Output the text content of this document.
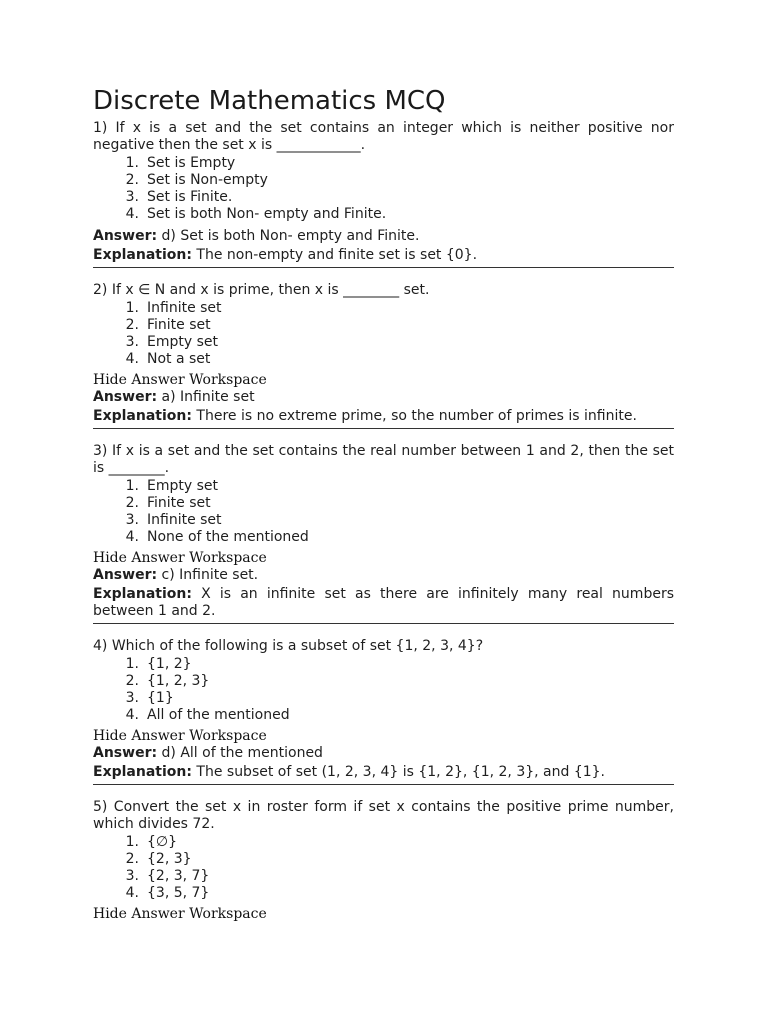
Discrete Mathematics MCQ

1) If x is a set and the set contains an integer which is neither positive nor negative then the set x is ____________.

1. Set is Empty
2. Set is Non-empty
3. Set is Finite.
4. Set is both Non- empty and Finite.

Answer: d) Set is both Non- empty and Finite.

Explanation: The non-empty and finite set is set {0}.

2) If x ∈ N and x is prime, then x is ________ set.

1. Infinite set
2. Finite set
3. Empty set
4. Not a set

Hide Answer Workspace

Answer: a) Infinite set

Explanation: There is no extreme prime, so the number of primes is infinite.

3) If x is a set and the set contains the real number between 1 and 2, then the set is ________.

1. Empty set
2. Finite set
3. Infinite set
4. None of the mentioned

Hide Answer Workspace

Answer: c) Infinite set.

Explanation: X is an infinite set as there are infinitely many real numbers between 1 and 2.

4) Which of the following is a subset of set {1, 2, 3, 4}?

1. {1, 2}
2. {1, 2, 3}
3. {1}
4. All of the mentioned

Hide Answer Workspace

Answer: d) All of the mentioned

Explanation: The subset of set (1, 2, 3, 4} is {1, 2}, {1, 2, 3}, and {1}.

5) Convert the set x in roster form if set x contains the positive prime number, which divides 72.

1. {∅}
2. {2, 3}
3. {2, 3, 7}
4. {3, 5, 7}

Hide Answer Workspace
